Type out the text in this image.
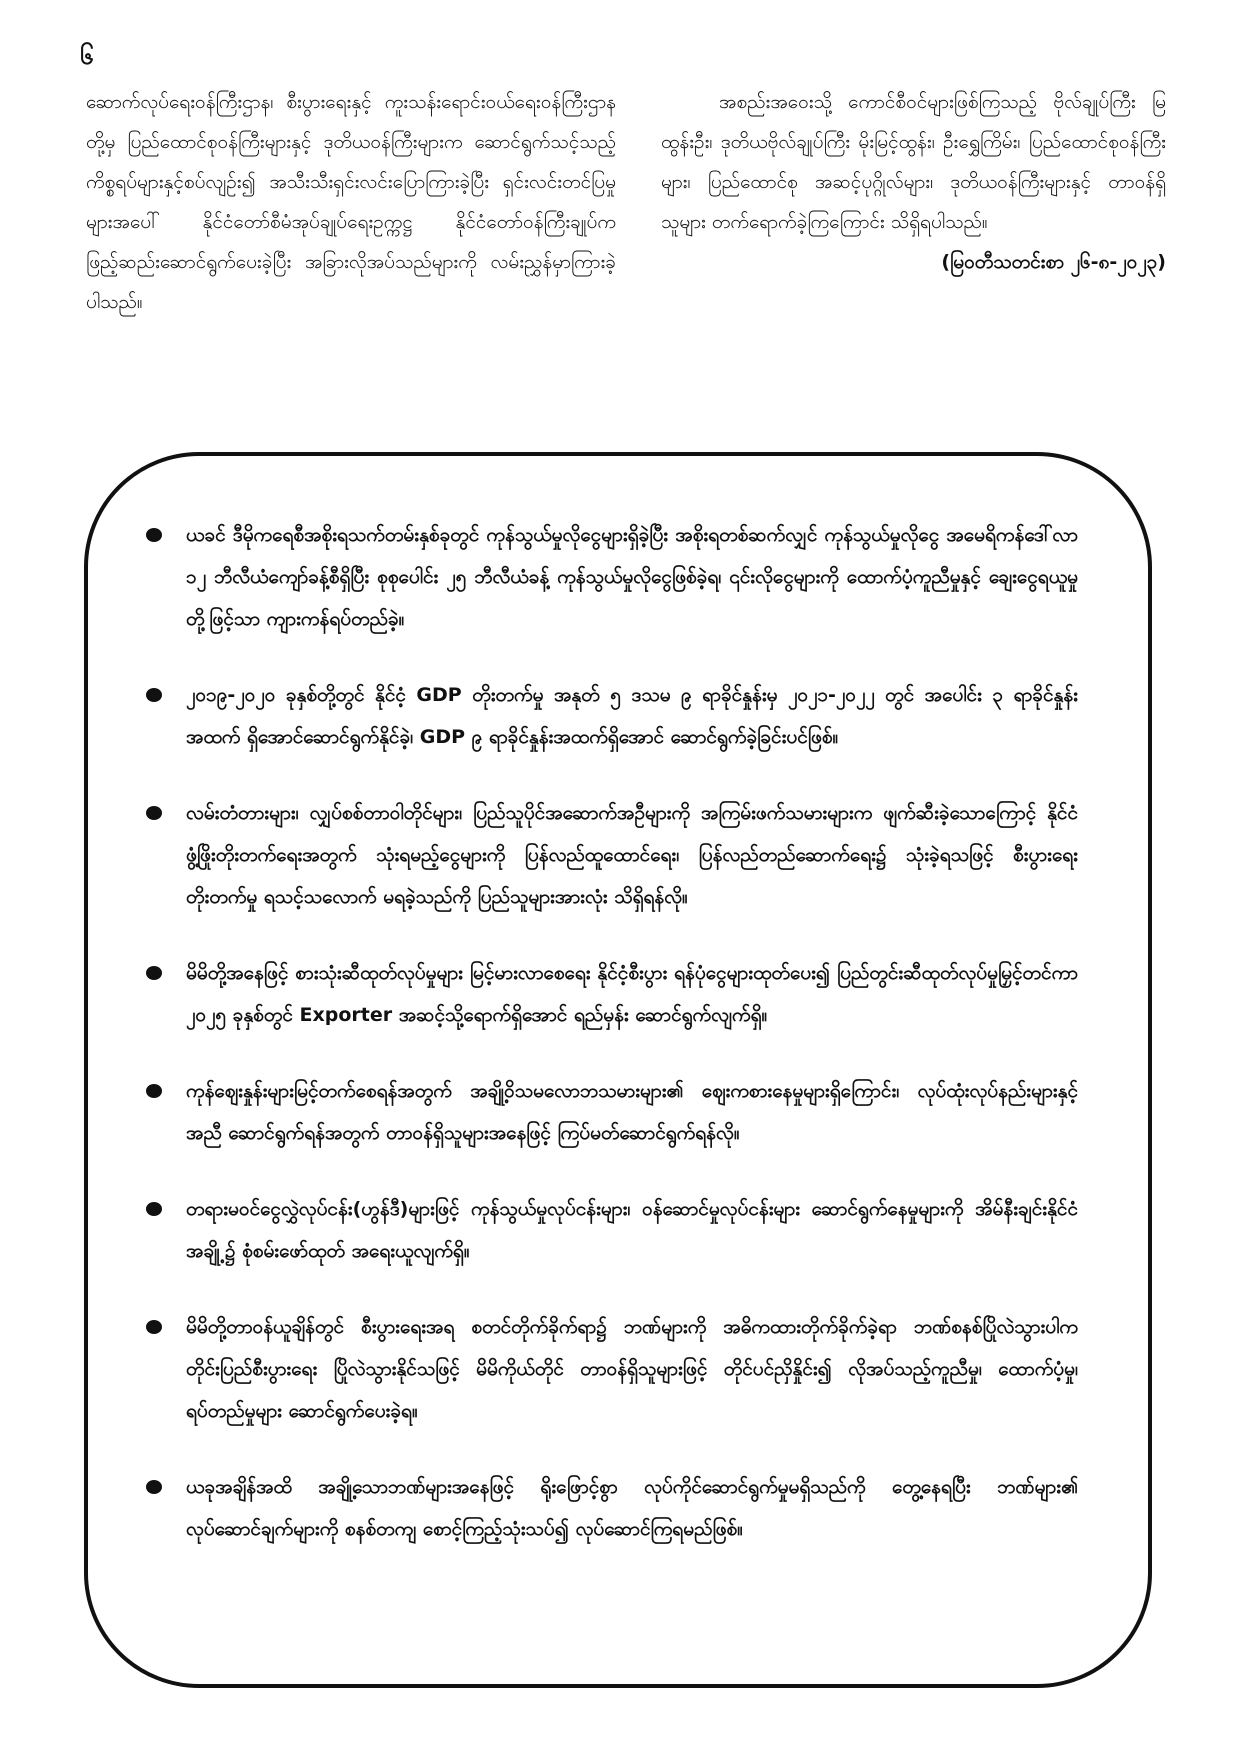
၆

ဆောက်လုပ်ရေးဝန်ကြီးဌာန၊ စီးပွားရေးနှင့် ကူးသန်းရောင်းဝယ်ရေးဝန်ကြီးဌာနတို့မှ ပြည်ထောင်စုဝန်ကြီးများနှင့် ဒုတိယဝန်ကြီးများက ဆောင်ရွက်သင့်သည့် ကိစ္စရပ်များနှင့်စပ်လျဉ်း၍ အသီးသီးရှင်းလင်းပြောကြားခဲ့ပြီး ရှင်းလင်းတင်ပြမှုများအပေါ် နိုင်ငံတော်စီမံအုပ်ချုပ်ရေးဥက္ကဋ္ဌ နိုင်ငံတော်ဝန်ကြီးချုပ်က ဖြည့်ဆည်းဆောင်ရွက်ပေးခဲ့ပြီး အခြားလိုအပ်သည်များကို လမ်းညွှန်မှာကြားခဲ့ပါသည်။

အစည်းအဝေးသို့ ကောင်စီဝင်များဖြစ်ကြသည့် ဗိုလ်ချုပ်ကြီး မြထွန်းဦး၊ ဒုတိယဗိုလ်ချုပ်ကြီး မိုးမြင့်ထွန်း၊ ဦးရွှေကြိမ်း၊ ပြည်ထောင်စုဝန်ကြီးများ၊ ပြည်ထောင်စု အဆင့်ပုဂ္ဂိုလ်များ၊ ဒုတိယဝန်ကြီးများနှင့် တာဝန်ရှိသူများ တက်ရောက်ခဲ့ကြကြောင်း သိရှိရပါသည်။

(မြဝတီသတင်းစာ ၂၆-၈-၂၀၂၃)

ယခင် ဒီမိုကရေစီအစိုးရသက်တမ်းနှစ်ခုတွင် ကုန်သွယ်မှုလိုငွေများရှိခဲ့ပြီး အစိုးရတစ်ဆက်လျှင် ကုန်သွယ်မှုလိုငွေ အမေရိကန်ဒေါ်လာ ၁၂ ဘီလီယံကျော်ခန့်စီရှိပြီး စုစုပေါင်း ၂၅ ဘီလီယံခန့် ကုန်သွယ်မှုလိုငွေဖြစ်ခဲ့ရ၊ ၎င်းလိုငွေများကို ထောက်ပံ့ကူညီမှုနှင့် ချေးငွေရယူမှုတို့ဖြင့်သာ ကျားကန်ရပ်တည်ခဲ့။
၂၀၁၉-၂၀၂၀ ခုနှစ်တို့တွင် နိုင်ငံ့ GDP တိုးတက်မှု အနုတ် ၅ ဒသမ ၉ ရာခိုင်နှုန်းမှ ၂၀၂၁-၂၀၂၂ တွင် အပေါင်း ၃ ရာခိုင်နှုန်းအထက် ရှိအောင်ဆောင်ရွက်နိုင်ခဲ့၊ GDP ၉ ရာခိုင်နှုန်းအထက်ရှိအောင် ဆောင်ရွက်ခဲ့ခြင်းပင်ဖြစ်။
လမ်းတံတားများ၊ လျှပ်စစ်တာဝါတိုင်များ၊ ပြည်သူပိုင်အဆောက်အဦများကို အကြမ်းဖက်သမားများက ဖျက်ဆီးခဲ့သောကြောင့် နိုင်ငံဖွံ့ဖြိုးတိုးတက်ရေးအတွက် သုံးရမည့်ငွေများကို ပြန်လည်ထူထောင်ရေး၊ ပြန်လည်တည်ဆောက်ရေး၌ သုံးခဲ့ရသဖြင့် စီးပွားရေးတိုးတက်မှု ရသင့်သလောက် မရခဲ့သည်ကို ပြည်သူများအားလုံး သိရှိရန်လို။
မိမိတို့အနေဖြင့် စားသုံးဆီထုတ်လုပ်မှုများ မြင့်မားလာစေရေး နိုင်ငံ့စီးပွား ရန်ပုံငွေများထုတ်ပေး၍ ပြည်တွင်းဆီထုတ်လုပ်မှုမြှင့်တင်ကာ ၂၀၂၅ ခုနှစ်တွင် Exporter အဆင့်သို့ရောက်ရှိအောင် ရည်မှန်း ဆောင်ရွက်လျက်ရှိ။
ကုန်ဈေးနှုန်းများမြင့်တက်စေရန်အတွက် အချို့ဝိသမလောဘသမားများ၏ ဈေးကစားနေမှုများရှိကြောင်း၊ လုပ်ထုံးလုပ်နည်းများနှင့်အညီ ဆောင်ရွက်ရန်အတွက် တာဝန်ရှိသူများအနေဖြင့် ကြပ်မတ်ဆောင်ရွက်ရန်လို။
တရားမဝင်ငွေလွှဲလုပ်ငန်း(ဟွန်ဒီ)များဖြင့် ကုန်သွယ်မှုလုပ်ငန်းများ၊ ဝန်ဆောင်မှုလုပ်ငန်းများ ဆောင်ရွက်နေမှုများကို အိမ်နီးချင်းနိုင်ငံအချို့၌ စုံစမ်းဖော်ထုတ် အရေးယူလျက်ရှိ။
မိမိတို့တာဝန်ယူချိန်တွင် စီးပွားရေးအရ စတင်တိုက်ခိုက်ရာ၌ ဘဏ်များကို အဓိကထားတိုက်ခိုက်ခဲ့ရာ ဘဏ်စနစ်ပြိုလဲသွားပါက တိုင်းပြည်စီးပွားရေး ပြိုလဲသွားနိုင်သဖြင့် မိမိကိုယ်တိုင် တာဝန်ရှိသူများဖြင့် တိုင်ပင်ညှိနှိုင်း၍ လိုအပ်သည့်ကူညီမှု၊ ထောက်ပံ့မှု၊ ရပ်တည်မှုများ ဆောင်ရွက်ပေးခဲ့ရ။
ယခုအချိန်အထိ အချို့သောဘဏ်များအနေဖြင့် ရိုးဖြောင့်စွာ လုပ်ကိုင်ဆောင်ရွက်မှုမရှိသည်ကို တွေ့နေရပြီး ဘဏ်များ၏ လုပ်ဆောင်ချက်များကို စနစ်တကျ စောင့်ကြည့်သုံးသပ်၍ လုပ်ဆောင်ကြရမည်ဖြစ်။
